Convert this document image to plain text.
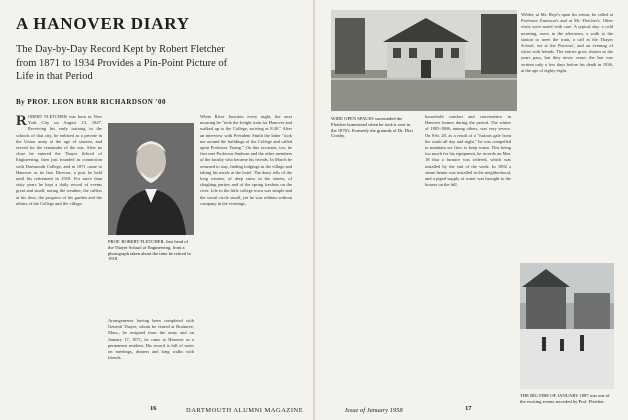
A HANOVER DIARY

The Day-by-Day Record Kept by Robert Fletcher from 1871 to 1934 Provides a Pin-Point Picture of Life in that Period

By PROF. LEON BURR RICHARDSON '00

ROBERT FLETCHER was born in New York City on August 13, 1847. Receiving his early training in the schools of that city, he enlisted as a private in the Union army at the age of sixteen, and served for the remainder of the war. After its close he entered the Thayer School of Engineering, then just founded in connection with Dartmouth College, and in 1871 came to Hanover as its first Director, a post he held until his retirement in 1918. For more than sixty years he kept a daily record of events great and small, noting the weather, the callers at his door, the progress of his garden and the affairs of the College and the village.

PROF. ROBERT FLETCHER, first head of the Thayer School of Engineering, from a photograph taken about the time he retired in 1918.

Arrangements having been completed with General Thayer, whom he visited at Braintree, Mass., he resigned from the army and on January 17, 1871, he came to Hanover as a permanent resident. His record is full of notes on meetings, dinners and long walks with friends.

White River Junction every night, the next morning he "took the freight train for Hanover and walked up to the College, arriving at 8:30." After an interview with President Smith the latter "took me around the buildings of the College and called upon Professor Young." On this occasion, too, he first met Professor Sanborn and the other members of the faculty who became his friends. In March he returned to stay, finding lodgings in the village and taking his meals at the hotel. The diary tells of the long winters, of deep snow in the streets, of sleighing parties and of the spring freshets on the river. Life in the little college town was simple and the social circle small, yet he was seldom without company in the evenings.

16	DARTMOUTH ALUMNI MAGAZINE

WIDE OPEN SPACES surrounded the Fletcher homestead when he took it over in the 1870's. Formerly the grounds of Dr. Dixi Crosby.

household comfort and convenience in Hanover homes during the period. The winter of 1885-1886, among others, was very severe. On Feb. 28, as a result of a "furious gale from the south all day and night," he was compelled to maintain six fires to keep warm. This being too much for his equipment, he records on Mar. 18 that a furnace was ordered, which was installed by the end of the week. In 1892 a steam heater was installed in the neighborhood, and a piped supply of water was brought to the houses on the hill.

Wilder; at Mr. Hoyt's upon his return; he called at Professor Emerson's and at Mr. Fletcher's. Other visits were noted with care. A typical day: a cold morning, snow in the afternoon, a walk to the station to meet the train, a call at the Thayer School, tea at the Proctors', and an evening of whist with friends. The entries grow shorter as the years pass, but they never cease; the last was written only a few days before his death in 1936, at the age of eighty-eight.

THE BIG FIRE OF JANUARY 1887 was one of the exciting events recorded by Prof. Fletcher.

Issue of January 1958	17
